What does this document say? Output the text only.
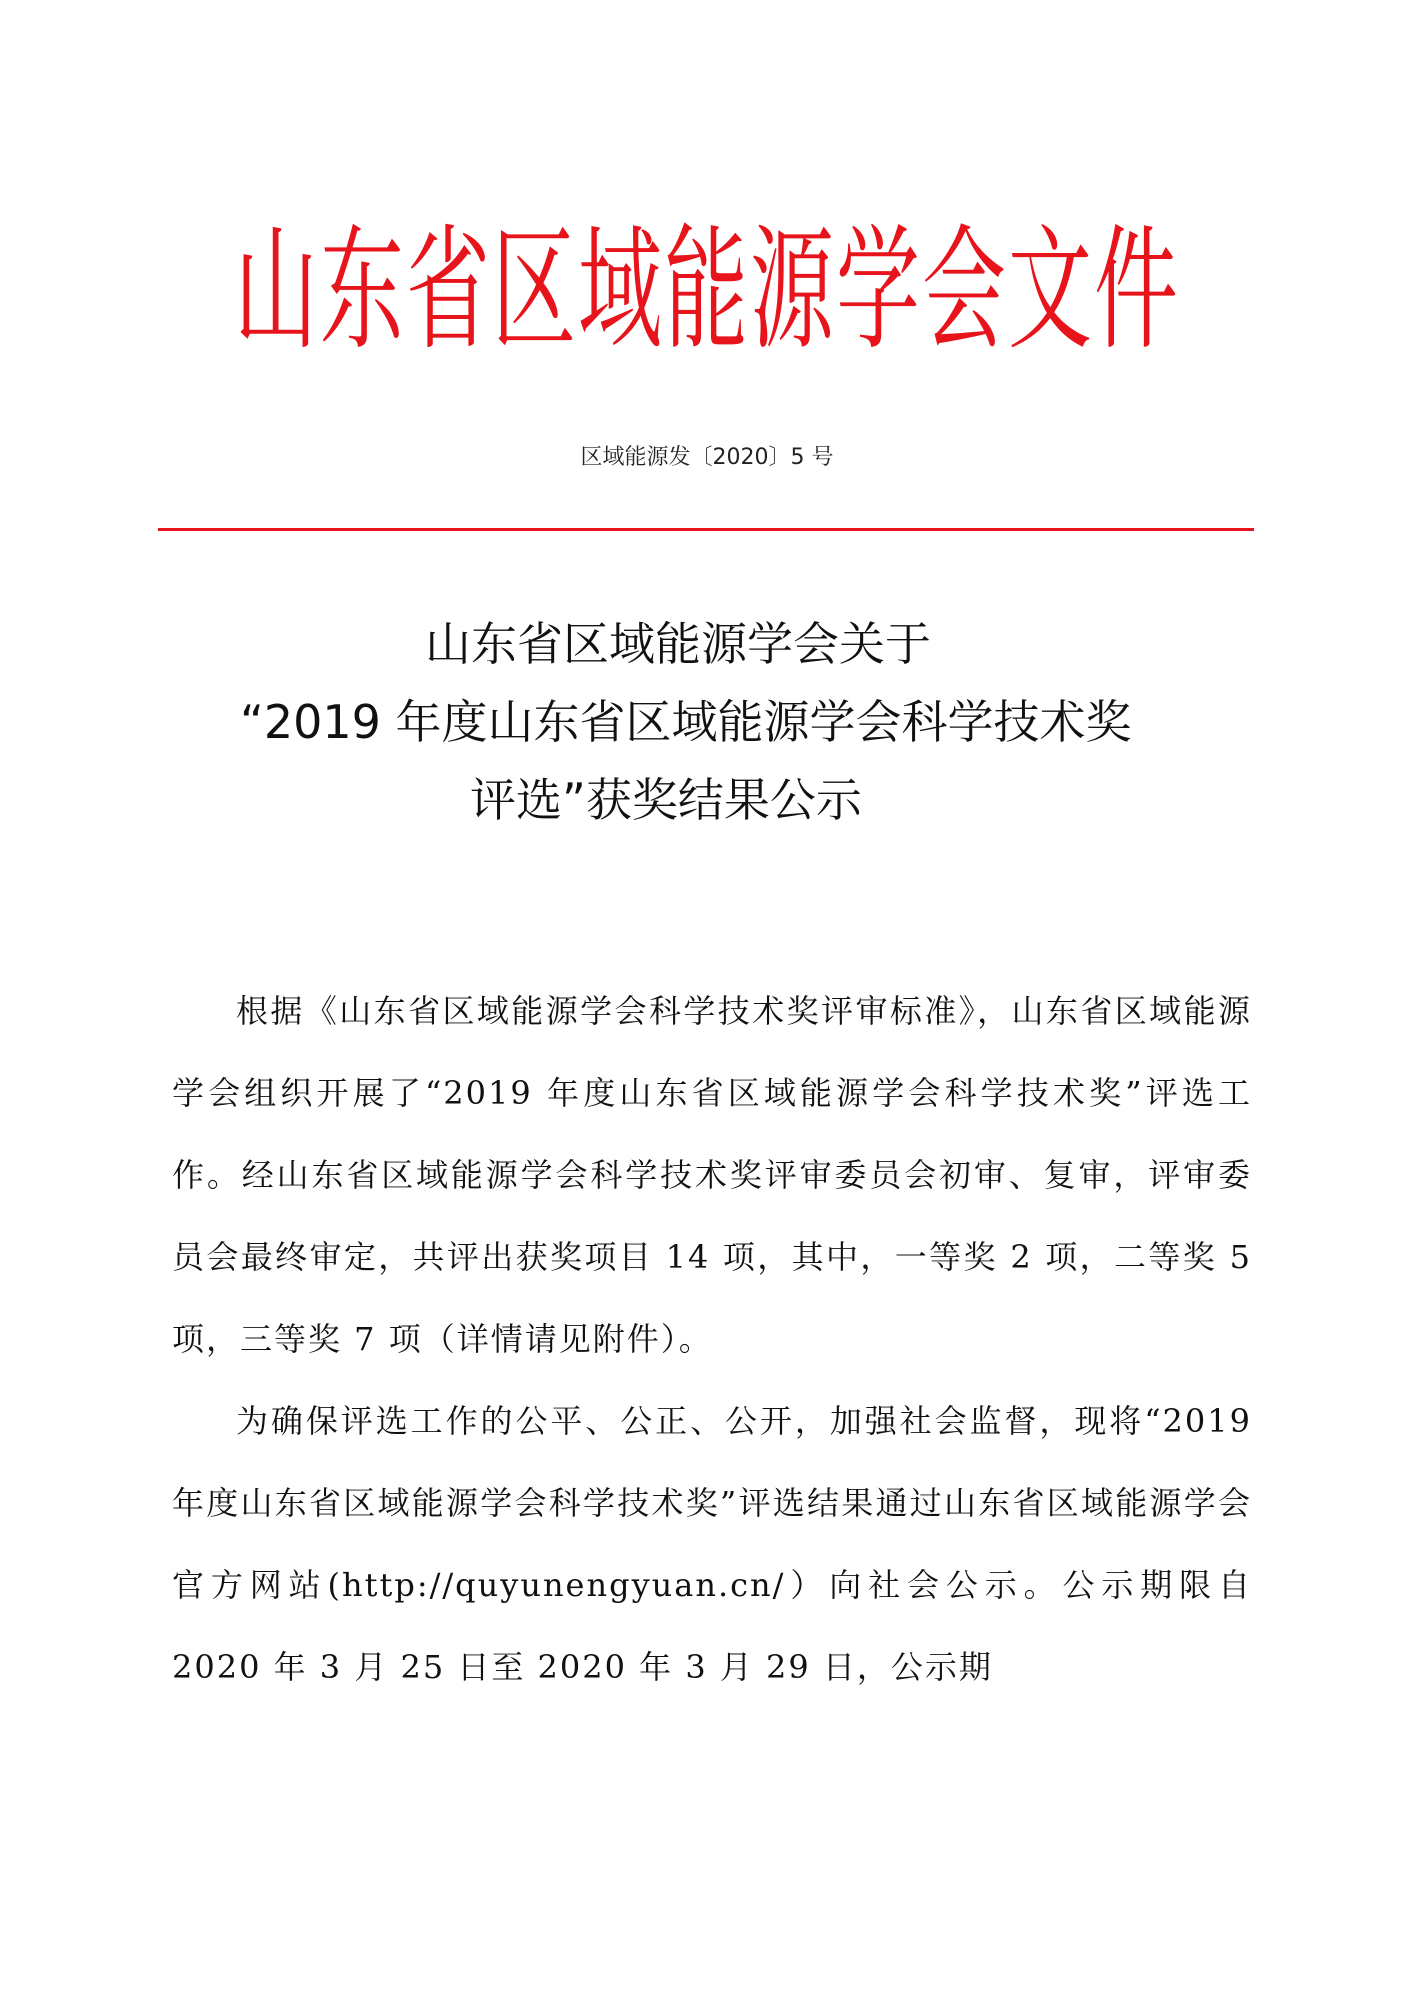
山东省区域能源学会文件
区域能源发〔2020〕5 号
山东省区域能源学会关于
“2019 年度山东省区域能源学会科学技术奖
评选”获奖结果公示

根据《山东省区域能源学会科学技术奖评审标准》，山东省区域能源学会组织开展了“2019 年度山东省区域能源学会科学技术奖”评选工作。经山东省区域能源学会科学技术奖评审委员会初审、复审，评审委员会最终审定，共评出获奖项目 14 项，其中，一等奖 2 项，二等奖 5 项，三等奖 7 项（详情请见附件）。

为确保评选工作的公平、公正、公开，加强社会监督，现将“2019 年度山东省区域能源学会科学技术奖”评选结果通过山东省区域能源学会官方网站(http://quyunengyuan.cn/）向社会公示。公示期限自 2020 年 3 月 25 日至 2020 年 3 月 29 日，公示期
